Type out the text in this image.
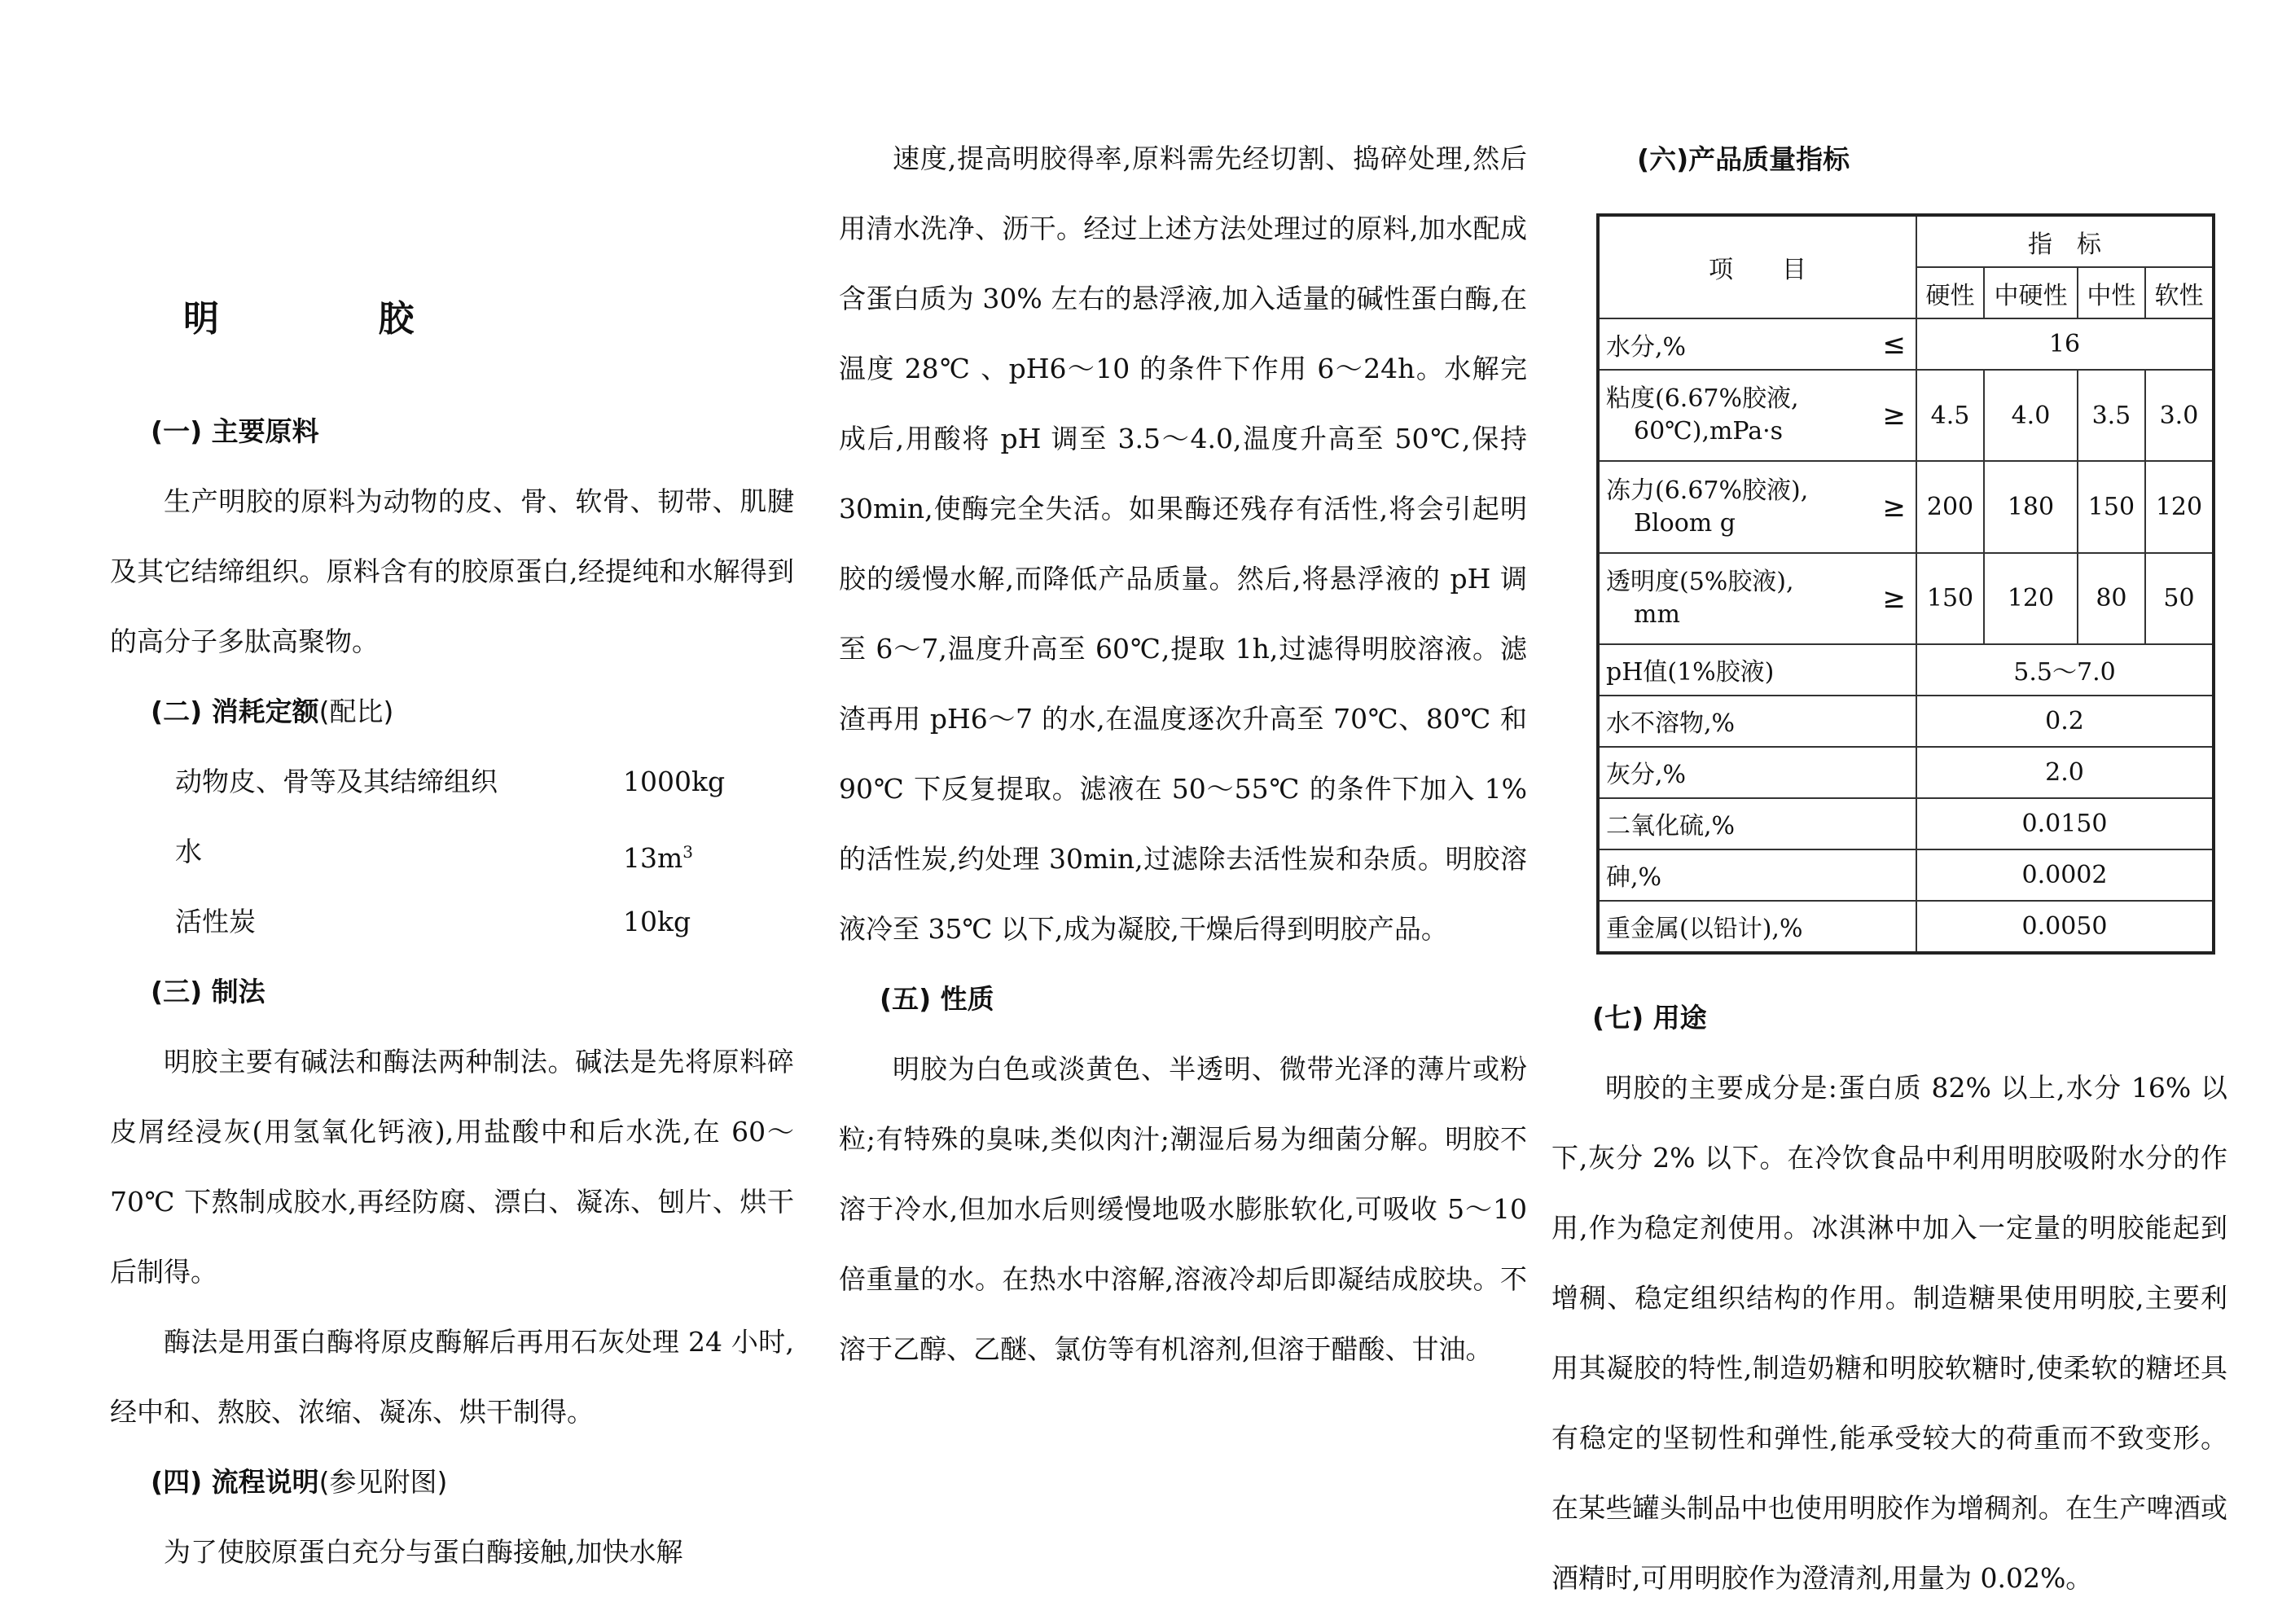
明 胶

(一) 主要原料

生产明胶的原料为动物的皮、骨、软骨、韧带、肌腱及其它结缔组织。原料含有的胶原蛋白,经提纯和水解得到的高分子多肽高聚物。

(二) 消耗定额(配比)

动物皮、骨等及其结缔组织	1000kg
水	$13m^3$
活性炭	10kg

(三) 制法

明胶主要有碱法和酶法两种制法。碱法是先将原料碎皮屑经浸灰(用氢氧化钙液),用盐酸中和后水洗,在 60～70℃ 下熬制成胶水,再经防腐、漂白、凝冻、刨片、烘干后制得。

酶法是用蛋白酶将原皮酶解后再用石灰处理 24 小时,经中和、熬胶、浓缩、凝冻、烘干制得。

(四) 流程说明(参见附图)

为了使胶原蛋白充分与蛋白酶接触,加快水解

速度,提高明胶得率,原料需先经切割、捣碎处理,然后用清水洗净、沥干。经过上述方法处理过的原料,加水配成含蛋白质为 30% 左右的悬浮液,加入适量的碱性蛋白酶,在温度 28℃ 、pH6～10 的条件下作用 6～24h。水解完成后,用酸将 pH 调至 3.5～4.0,温度升高至 50℃,保持 30min,使酶完全失活。如果酶还残存有活性,将会引起明胶的缓慢水解,而降低产品质量。然后,将悬浮液的 pH 调至 6～7,温度升高至 60℃,提取 1h,过滤得明胶溶液。滤渣再用 pH6～7 的水,在温度逐次升高至 70℃、80℃ 和 90℃ 下反复提取。滤液在 50～55℃ 的条件下加入 1% 的活性炭,约处理 30min,过滤除去活性炭和杂质。明胶溶液冷至 35℃ 以下,成为凝胶,干燥后得到明胶产品。

(五) 性质

明胶为白色或淡黄色、半透明、微带光泽的薄片或粉粒;有特殊的臭味,类似肉汁;潮湿后易为细菌分解。明胶不溶于冷水,但加水后则缓慢地吸水膨胀软化,可吸收 5～10 倍重量的水。在热水中溶解,溶液冷却后即凝结成胶块。不溶于乙醇、乙醚、氯仿等有机溶剂,但溶于醋酸、甘油。

(六)产品质量指标
项　　目	指　标			
	硬性	中硬性	中性	软性
水分,% ≤	16			

粘度(6.67%胶液,
60℃),mPa·s ≥	4.5	4.0	3.5	3.0

冻力(6.67%胶液),
Bloom g ≥	200	180	150	120

透明度(5%胶液),
mm ≥	150	120	80	50
pH值(1%胶液)	5.5～7.0			
水不溶物,%	0.2			
灰分,%	2.0			
二氧化硫,%	0.0150			
砷,%	0.0002			
重金属(以铅计),%	0.0050			

(七) 用途

明胶的主要成分是:蛋白质 82% 以上,水分 16% 以下,灰分 2% 以下。在冷饮食品中利用明胶吸附水分的作用,作为稳定剂使用。冰淇淋中加入一定量的明胶能起到增稠、稳定组织结构的作用。制造糖果使用明胶,主要利用其凝胶的特性,制造奶糖和明胶软糖时,使柔软的糖坯具有稳定的坚韧性和弹性,能承受较大的荷重而不致变形。在某些罐头制品中也使用明胶作为增稠剂。在生产啤酒或酒精时,可用明胶作为澄清剂,用量为 0.02%。
